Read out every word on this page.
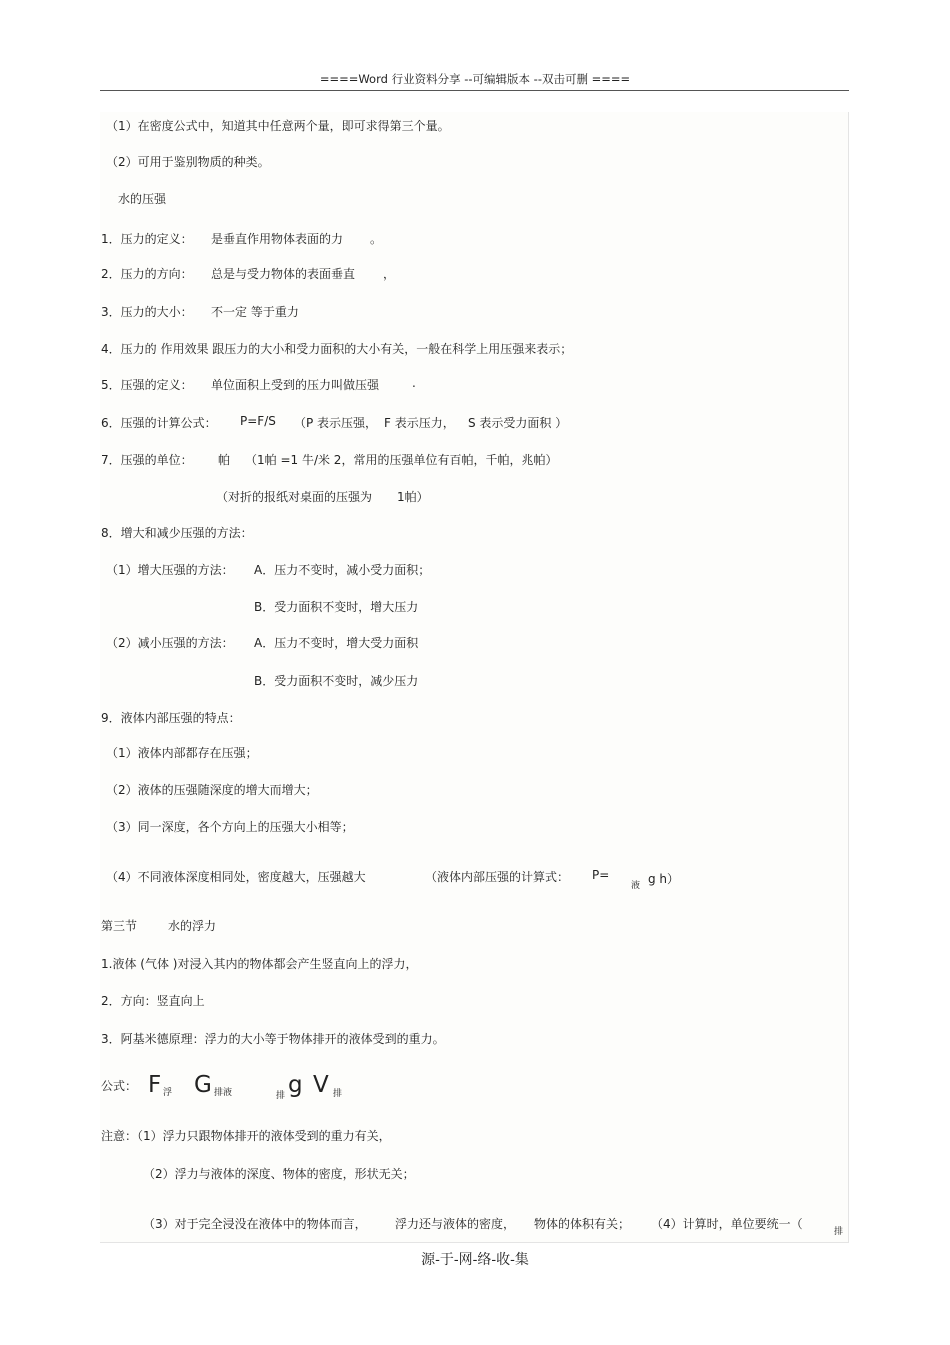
====Word 行业资料分享 --可编辑版本 --双击可删 ====
（1）在密度公式中，知道其中任意两个量，即可求得第三个量。
（2）可用于鉴别物质的种类。
水的压强
1．压力的定义： 是垂直作用物体表面的力 。
2．压力的方向： 总是与受力物体的表面垂直 ，
3．压力的大小： 不一定 等于重力
4．压力的 作用效果 跟压力的大小和受力面积的大小有关，一般在科学上用压强来表示；
5．压强的定义： 单位面积上受到的压力叫做压强	.
6．压强的计算公式： P=F/S （P 表示压强， F 表示压力， S 表示受力面积 ）
7．压强的单位： 帕 （1帕 =1 牛/米 2，常用的压强单位有百帕，千帕，兆帕）
（对折的报纸对桌面的压强为 1帕）
8．增大和减少压强的方法：
（1）增大压强的方法： A．压力不变时，减小受力面积；
B．受力面积不变时，增大压力
（2）减小压强的方法： A．压力不变时，增大受力面积
B．受力面积不变时，减少压力
9．液体内部压强的特点：
（1）液体内部都存在压强；
（2）液体的压强随深度的增大而增大；
（3）同一深度，各个方向上的压强大小相等；
（4）不同液体深度相同处，密度越大，压强越大	（液体内部压强的计算式： P=
液 g h）
第三节	水的浮力
1.液体 (气体 )对浸入其内的物体都会产生竖直向上的浮力，
2．方向：竖直向上
3．阿基米德原理：浮力的大小等于物体排开的液体受到的重力。
公式： F 浮 G 排液	排 g V 排
注意：（1）浮力只跟物体排开的液体受到的重力有关，
（2）浮力与液体的深度、物体的密度，形状无关；
（3）对于完全浸没在液体中的物体而言， 浮力还与液体的密度， 物体的体积有关； （4）计算时，单位要统一（
排
源-于-网-络-收-集
